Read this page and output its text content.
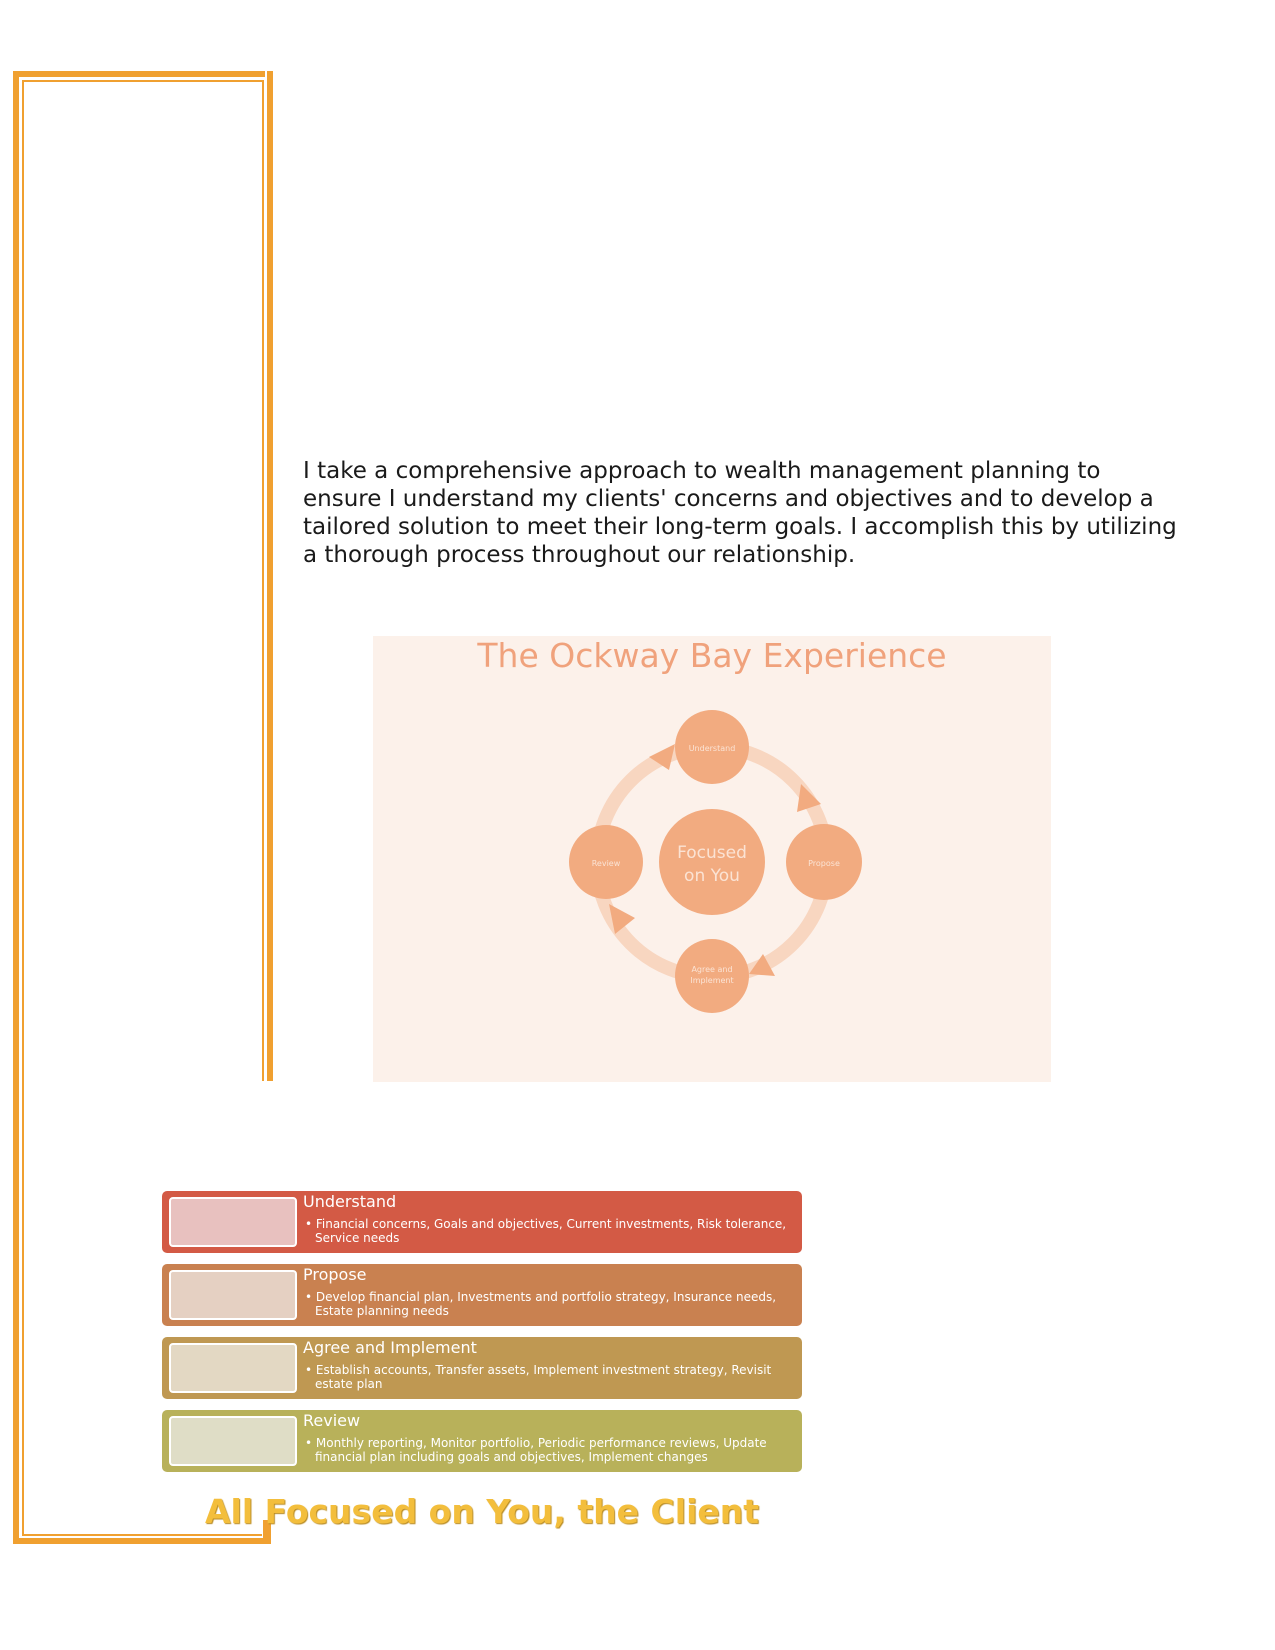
I take a comprehensive approach to wealth management planning to ensure I understand my clients' concerns and objectives and to develop a tailored solution to meet their long-term goals. I accomplish this by utilizing a thorough process throughout our relationship.

The Ockway Bay Experience
Understand
Propose
Agree and
Implement
Review
Focused
on You
Understand

• Financial concerns, Goals and objectives, Current investments, Risk tolerance, Service needs

Propose

• Develop financial plan, Investments and portfolio strategy, Insurance needs, Estate planning needs

Agree and Implement

• Establish accounts, Transfer assets, Implement investment strategy, Revisit estate plan

Review

• Monthly reporting, Monitor portfolio, Periodic performance reviews, Update financial plan including goals and objectives, Implement changes

All Focused on You, the Client
